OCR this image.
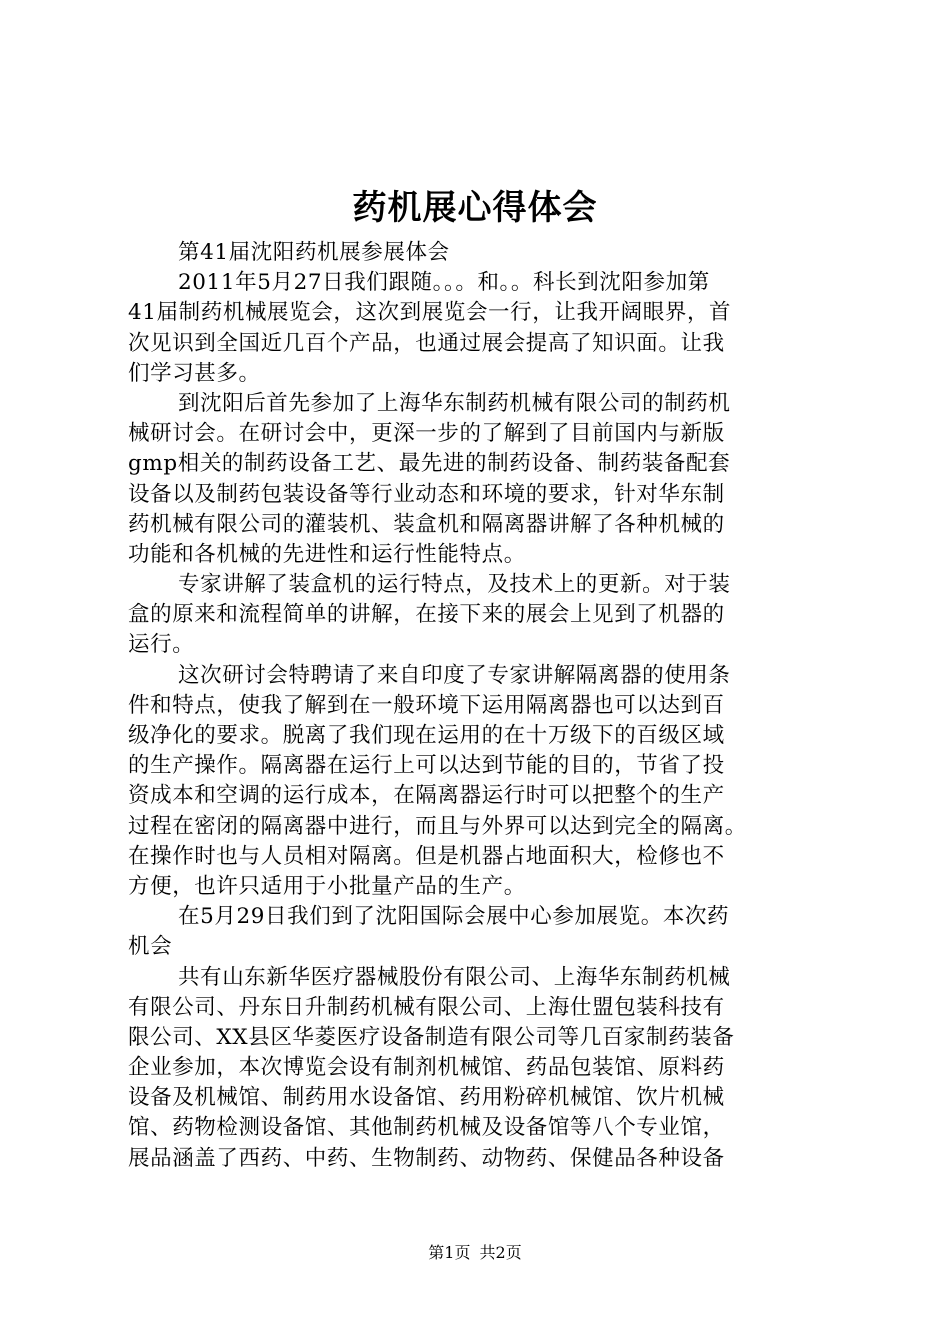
药机展心得体会
第41届沈阳药机展参展体会
2011年5月27日我们跟随。。。和。。科长到沈阳参加第
41届制药机械展览会，这次到展览会一行，让我开阔眼界，首
次见识到全国近几百个产品，也通过展会提高了知识面。让我
们学习甚多。
到沈阳后首先参加了上海华东制药机械有限公司的制药机
械研讨会。在研讨会中，更深一步的了解到了目前国内与新版
gmp相关的制药设备工艺、最先进的制药设备、制药装备配套
设备以及制药包装设备等行业动态和环境的要求，针对华东制
药机械有限公司的灌装机、装盒机和隔离器讲解了各种机械的
功能和各机械的先进性和运行性能特点。
专家讲解了装盒机的运行特点，及技术上的更新。对于装
盒的原来和流程简单的讲解，在接下来的展会上见到了机器的
运行。
这次研讨会特聘请了来自印度了专家讲解隔离器的使用条
件和特点，使我了解到在一般环境下运用隔离器也可以达到百
级净化的要求。脱离了我们现在运用的在十万级下的百级区域
的生产操作。隔离器在运行上可以达到节能的目的，节省了投
资成本和空调的运行成本，在隔离器运行时可以把整个的生产
过程在密闭的隔离器中进行，而且与外界可以达到完全的隔离。
在操作时也与人员相对隔离。但是机器占地面积大，检修也不
方便，也许只适用于小批量产品的生产。
在5月29日我们到了沈阳国际会展中心参加展览。本次药
机会
共有山东新华医疗器械股份有限公司、上海华东制药机械
有限公司、丹东日升制药机械有限公司、上海仕盟包装科技有
限公司、XX县区华菱医疗设备制造有限公司等几百家制药装备
企业参加，本次博览会设有制剂机械馆、药品包装馆、原料药
设备及机械馆、制药用水设备馆、药用粉碎机械馆、饮片机械
馆、药物检测设备馆、其他制药机械及设备馆等八个专业馆，
展品涵盖了西药、中药、生物制药、动物药、保健品各种设备
第1页 共2页
